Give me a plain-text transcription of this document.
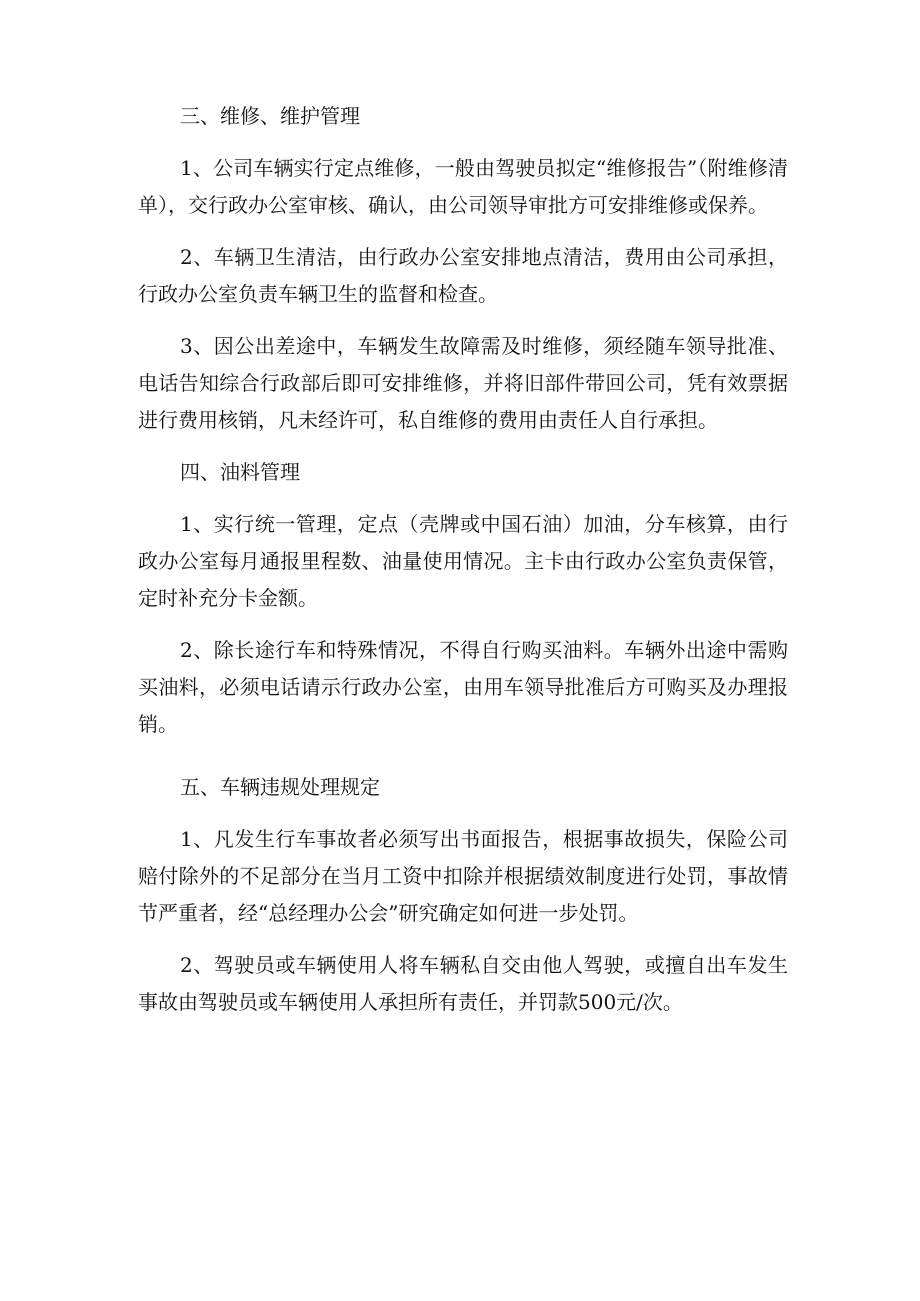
三、维修、维护管理

1、公司车辆实行定点维修，一般由驾驶员拟定“维修报告”（附维修清单），交行政办公室审核、确认，由公司领导审批方可安排维修或保养。

2、车辆卫生清洁，由行政办公室安排地点清洁，费用由公司承担，行政办公室负责车辆卫生的监督和检查。

3、因公出差途中，车辆发生故障需及时维修，须经随车领导批准、电话告知综合行政部后即可安排维修，并将旧部件带回公司，凭有效票据进行费用核销，凡未经许可，私自维修的费用由责任人自行承担。

四、油料管理

1、实行统一管理，定点（壳牌或中国石油）加油，分车核算，由行政办公室每月通报里程数、油量使用情况。主卡由行政办公室负责保管，定时补充分卡金额。

2、除长途行车和特殊情况，不得自行购买油料。车辆外出途中需购买油料，必须电话请示行政办公室，由用车领导批准后方可购买及办理报销。

五、车辆违规处理规定

1、凡发生行车事故者必须写出书面报告，根据事故损失，保险公司赔付除外的不足部分在当月工资中扣除并根据绩效制度进行处罚，事故情节严重者，经“总经理办公会”研究确定如何进一步处罚。

2、驾驶员或车辆使用人将车辆私自交由他人驾驶，或擅自出车发生事故由驾驶员或车辆使用人承担所有责任，并罚款500元/次。
